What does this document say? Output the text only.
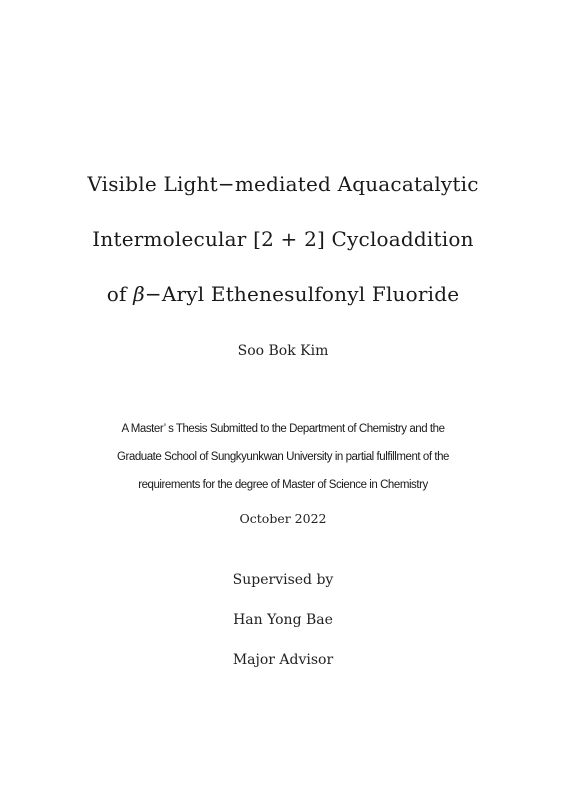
Visible Light−mediated Aquacatalytic
Intermolecular [2 + 2] Cycloaddition
of β−Aryl Ethenesulfonyl Fluoride
Soo Bok Kim
A Master’ s Thesis Submitted to the Department of Chemistry and the
Graduate School of Sungkyunkwan University in partial fulfillment of the
requirements for the degree of Master of Science in Chemistry
October 2022
Supervised by
Han Yong Bae
Major Advisor
